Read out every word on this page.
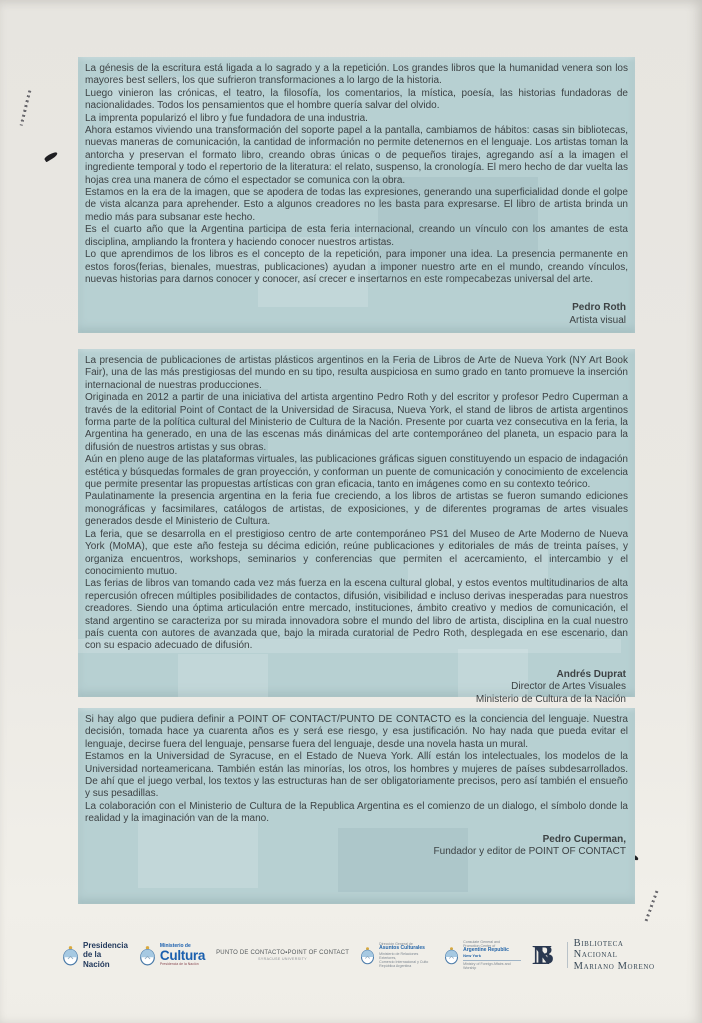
La génesis de la escritura está ligada a lo sagrado y a la repetición. Los grandes libros que la humanidad venera son los mayores best sellers, los que sufrieron transformaciones a lo largo de la historia.

Luego vinieron las crónicas, el teatro, la filosofía, los comentarios, la mística, poesía, las historias fundadoras de nacionalidades. Todos los pensamientos que el hombre quería salvar del olvido.

La imprenta popularizó el libro y fue fundadora de una industria.

Ahora estamos viviendo una transformación del soporte papel a la pantalla, cambiamos de hábitos: casas sin bibliotecas, nuevas maneras de comunicación, la cantidad de información no permite detenernos en el lenguaje. Los artistas toman la antorcha y preservan el formato libro, creando obras únicas o de pequeños tirajes, agregando así a la imagen el ingrediente temporal y todo el repertorio de la literatura: el relato, suspenso, la cronología. El mero hecho de dar vuelta las hojas crea una manera de cómo el espectador se comunica con la obra.

Estamos en la era de la imagen, que se apodera de todas las expresiones, generando una superficialidad donde el golpe de vista alcanza para aprehender. Esto a algunos creadores no les basta para expresarse. El libro de artista brinda un medio más para subsanar este hecho.

Es el cuarto año que la Argentina participa de esta feria internacional, creando un vínculo con los amantes de esta disciplina, ampliando la frontera y haciendo conocer nuestros artistas.

Lo que aprendimos de los libros es el concepto de la repetición, para imponer una idea. La presencia permanente en estos foros(ferias, bienales, muestras, publicaciones) ayudan a imponer nuestro arte en el mundo, creando vínculos, nuevas historias para darnos conocer y conocer, así crecer e insertarnos en este rompecabezas universal del arte.

Pedro Roth
Artista visual

La presencia de publicaciones de artistas plásticos argentinos en la Feria de Libros de Arte de Nueva York (NY Art Book Fair), una de las más prestigiosas del mundo en su tipo, resulta auspiciosa en sumo grado en tanto promueve la inserción internacional de nuestras producciones.

Originada en 2012 a partir de una iniciativa del artista argentino Pedro Roth y del escritor y profesor Pedro Cuperman a través de la editorial Point of Contact de la Universidad de Siracusa, Nueva York, el stand de libros de artista argentinos forma parte de la política cultural del Ministerio de Cultura de la Nación. Presente por cuarta vez consecutiva en la feria, la Argentina ha generado, en una de las escenas más dinámicas del arte contemporáneo del planeta, un espacio para la difusión de nuestros artistas y sus obras.

Aún en pleno auge de las plataformas virtuales, las publicaciones gráficas siguen constituyendo un espacio de indagación estética y búsquedas formales de gran proyección, y conforman un puente de comunicación y conocimiento de excelencia que permite presentar las propuestas artísticas con gran eficacia, tanto en imágenes como en su contexto teórico.

Paulatinamente la presencia argentina en la feria fue creciendo, a los libros de artistas se fueron sumando ediciones monográficas y facsimilares, catálogos de artistas, de exposiciones, y de diferentes programas de artes visuales generados desde el Ministerio de Cultura.

La feria, que se desarrolla en el prestigioso centro de arte contemporáneo PS1 del Museo de Arte Moderno de Nueva York (MoMA), que este año festeja su décima edición, reúne publicaciones y editoriales de más de treinta países, y organiza encuentros, workshops, seminarios y conferencias que permiten el acercamiento, el intercambio y el conocimiento mutuo.

Las ferias de libros van tomando cada vez más fuerza en la escena cultural global, y estos eventos multitudinarios de alta repercusión ofrecen múltiples posibilidades de contactos, difusión, visibilidad e incluso derivas inesperadas para nuestros creadores. Siendo una óptima articulación entre mercado, instituciones, ámbito creativo y medios de comunicación, el stand argentino se caracteriza por su mirada innovadora sobre el mundo del libro de artista, disciplina en la cual nuestro país cuenta con autores de avanzada que, bajo la mirada curatorial de Pedro Roth, desplegada en ese escenario, dan con su espacio adecuado de difusión.

Andrés Duprat
Director de Artes Visuales
Ministerio de Cultura de la Nación

Si hay algo que pudiera definir a POINT OF CONTACT/PUNTO DE CONTACTO es la conciencia del lenguaje. Nuestra decisión, tomada hace ya cuarenta años es y será ese riesgo, y esa justificación. No hay nada que pueda evitar el lenguaje, decirse fuera del lenguaje, pensarse fuera del lenguaje, desde una novela hasta un mural.

Estamos en la Universidad de Syracuse, en el Estado de Nueva York. Allí están los intelectuales, los modelos de la Universidad norteamericana. También están las minorías, los otros, los hombres y mujeres de países subdesarrollados. De ahí que el juego verbal, los textos y las estructuras han de ser obligatoriamente precisos, pero así también el ensueño y sus pesadillas.

La colaboración con el Ministerio de Cultura de la Republica Argentina es el comienzo de un dialogo, el símbolo donde la realidad y la imaginación van de la mano.

Pedro Cuperman,
Fundador y editor de POINT OF CONTACT
Presidencia
de la Nación
Ministerio de
Cultura
Presidencia de la Nación
PUNTO DE CONTACTO▪POINT OF CONTACT
SYRACUSE UNIVERSITY
Dirección General de
Asuntos Culturales
Ministerio de Relaciones Exteriores,
Comercio Internacional y Culto
República Argentina
Consulate General and
Promotion Center of
Argentine Republic
New York
Ministry of Foreign Affairs and Worship	NB	Biblioteca Nacional
Mariano Moreno
